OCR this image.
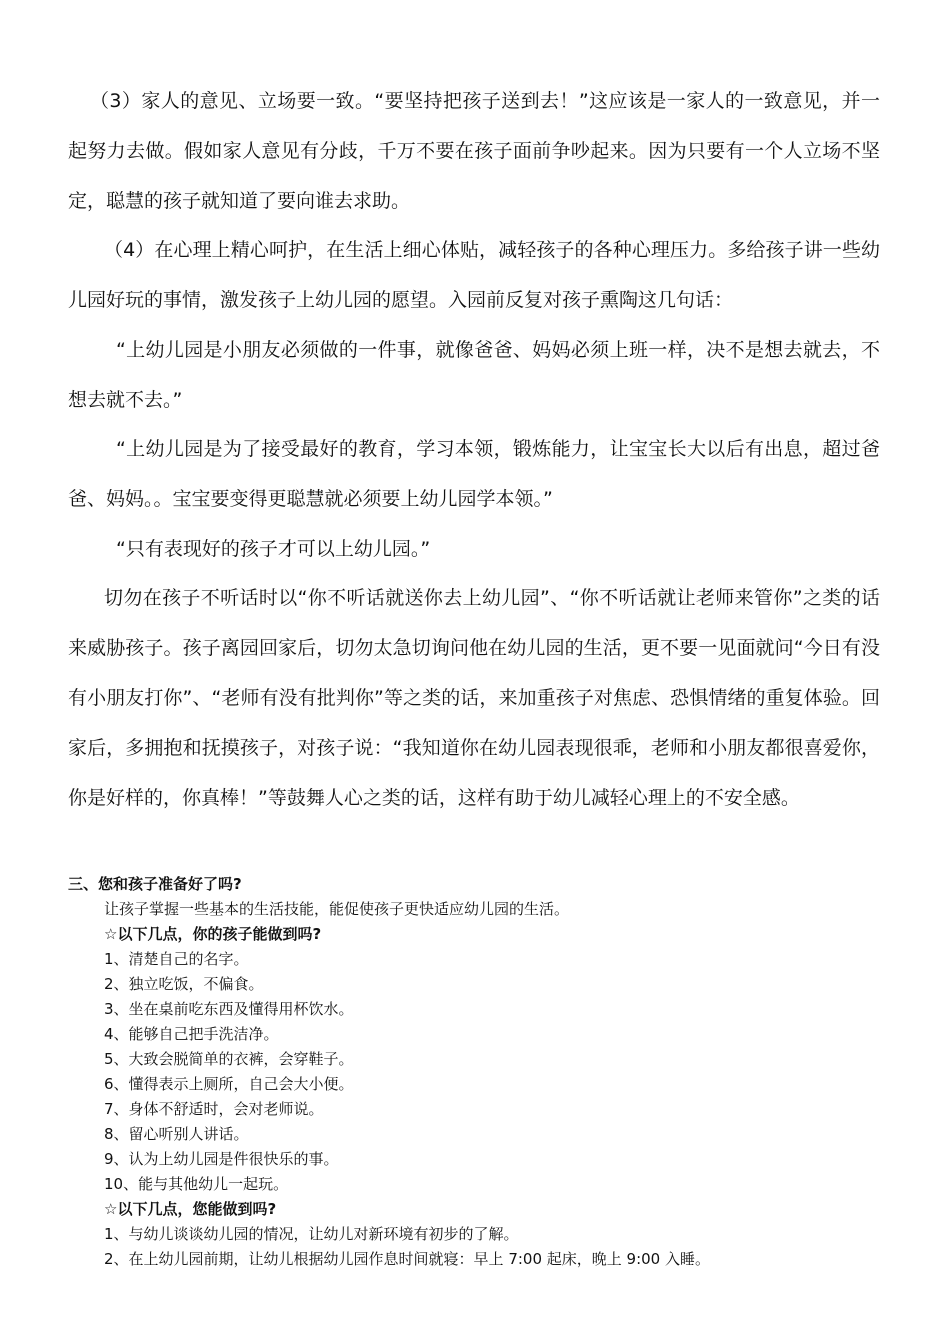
（3）家人的意见、立场要一致。“要坚持把孩子送到去！”这应该是一家人的一致意见，并一起努力去做。假如家人意见有分歧，千万不要在孩子面前争吵起来。因为只要有一个人立场不坚定，聪慧的孩子就知道了要向谁去求助。

（4）在心理上精心呵护，在生活上细心体贴，减轻孩子的各种心理压力。多给孩子讲一些幼儿园好玩的事情，激发孩子上幼儿园的愿望。入园前反复对孩子熏陶这几句话：

“上幼儿园是小朋友必须做的一件事，就像爸爸、妈妈必须上班一样，决不是想去就去，不想去就不去。”

“上幼儿园是为了接受最好的教育，学习本领，锻炼能力，让宝宝长大以后有出息，超过爸爸、妈妈。。宝宝要变得更聪慧就必须要上幼儿园学本领。”

“只有表现好的孩子才可以上幼儿园。”

切勿在孩子不听话时以“你不听话就送你去上幼儿园”、“你不听话就让老师来管你”之类的话来威胁孩子。孩子离园回家后，切勿太急切询问他在幼儿园的生活，更不要一见面就问“今日有没有小朋友打你”、“老师有没有批判你”等之类的话，来加重孩子对焦虑、恐惧情绪的重复体验。回家后，多拥抱和抚摸孩子，对孩子说：“我知道你在幼儿园表现很乖，老师和小朋友都很喜爱你，你是好样的，你真棒！”等鼓舞人心之类的话，这样有助于幼儿减轻心理上的不安全感。

三、您和孩子准备好了吗?
让孩子掌握一些基本的生活技能，能促使孩子更快适应幼儿园的生活。
☆以下几点，你的孩子能做到吗?
1、清楚自己的名字。
2、独立吃饭，不偏食。
3、坐在桌前吃东西及懂得用杯饮水。
4、能够自己把手洗洁净。
5、大致会脱简单的衣裤，会穿鞋子。
6、懂得表示上厕所，自己会大小便。
7、身体不舒适时，会对老师说。
8、留心听别人讲话。
9、认为上幼儿园是件很快乐的事。
10、能与其他幼儿一起玩。
☆以下几点，您能做到吗?
1、与幼儿谈谈幼儿园的情况，让幼儿对新环境有初步的了解。
2、在上幼儿园前期，让幼儿根据幼儿园作息时间就寝：早上 7:00 起床，晚上 9:00 入睡。
